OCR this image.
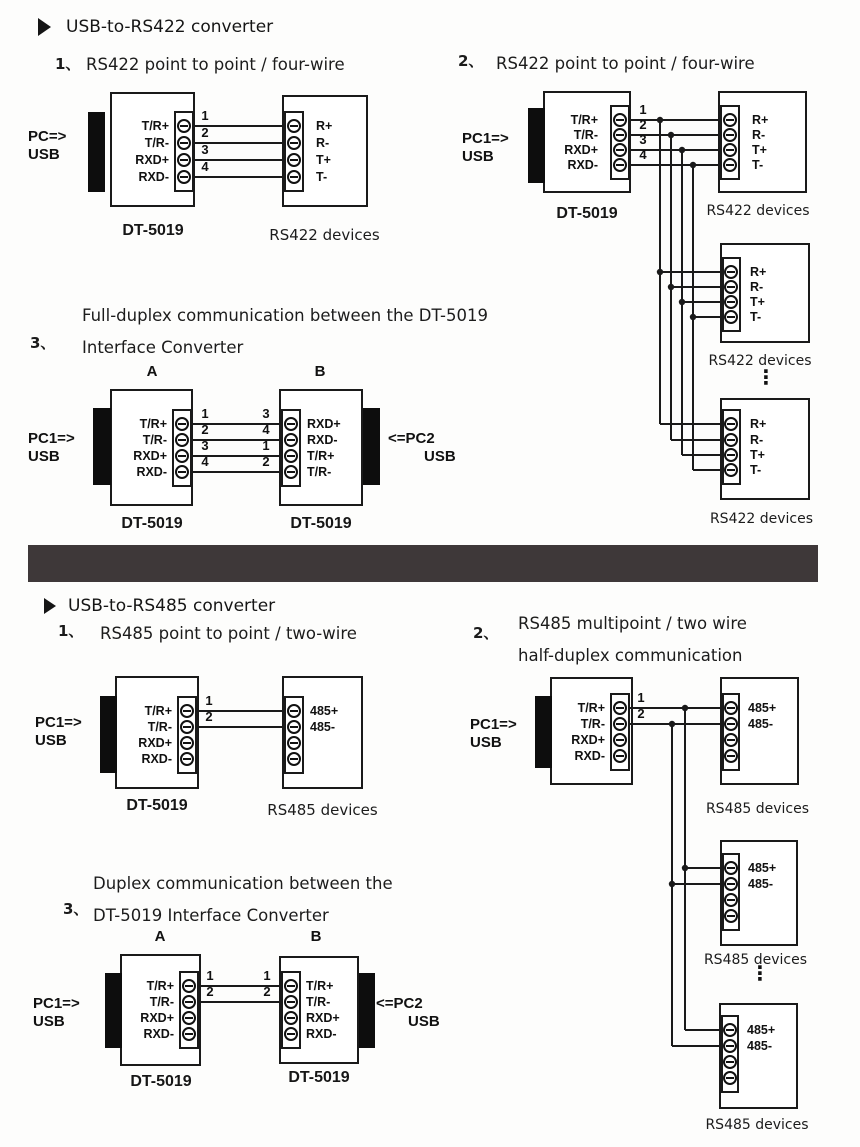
USB-to-RS422 converter
1、 RS422 point to point / four-wire
PC=>
USB
T/R+
T/R-
RXD+
RXD-
1
2
3
4
R+
R-
T+
T-
DT-5019	RS422 devices
2、 RS422 point to point / four-wire
PC1=>
USB
T/R+
T/R-
RXD+
RXD-
1
2
3
4
R+
R-
T+
T-
DT-5019	RS422 devices
R+
R-
T+
T-
RS422 devices
⋮
R+
R-
T+
T-
RS422 devices
Full-duplex communication between the DT-5019
3、 Interface Converter
A	B
PC1=>
USB
T/R+
T/R-
RXD+
RXD-
1
2
3
4
3
4
1
2
RXD+
RXD-
T/R+
T/R-
<=PC2
USB
DT-5019	DT-5019
USB-to-RS485 converter
1、 RS485 point to point / two-wire
PC1=>
USB
T/R+
T/R-
RXD+
RXD-
1
2	485+
485-
DT-5019	RS485 devices
2、 RS485 multipoint / two wire
half-duplex communication
PC1=>
USB
T/R+
T/R-
RXD+
RXD-
1
2	485+
485-
RS485 devices
485+
485-
RS485 devices
⋮
485+
485-
RS485 devices
Duplex communication between the
3、 DT-5019 Interface Converter
A	B
PC1=>
USB
T/R+
T/R-
RXD+
RXD-
1
2
1
2	T/R+
T/R-
RXD+
RXD-
<=PC2
USB
DT-5019	DT-5019
